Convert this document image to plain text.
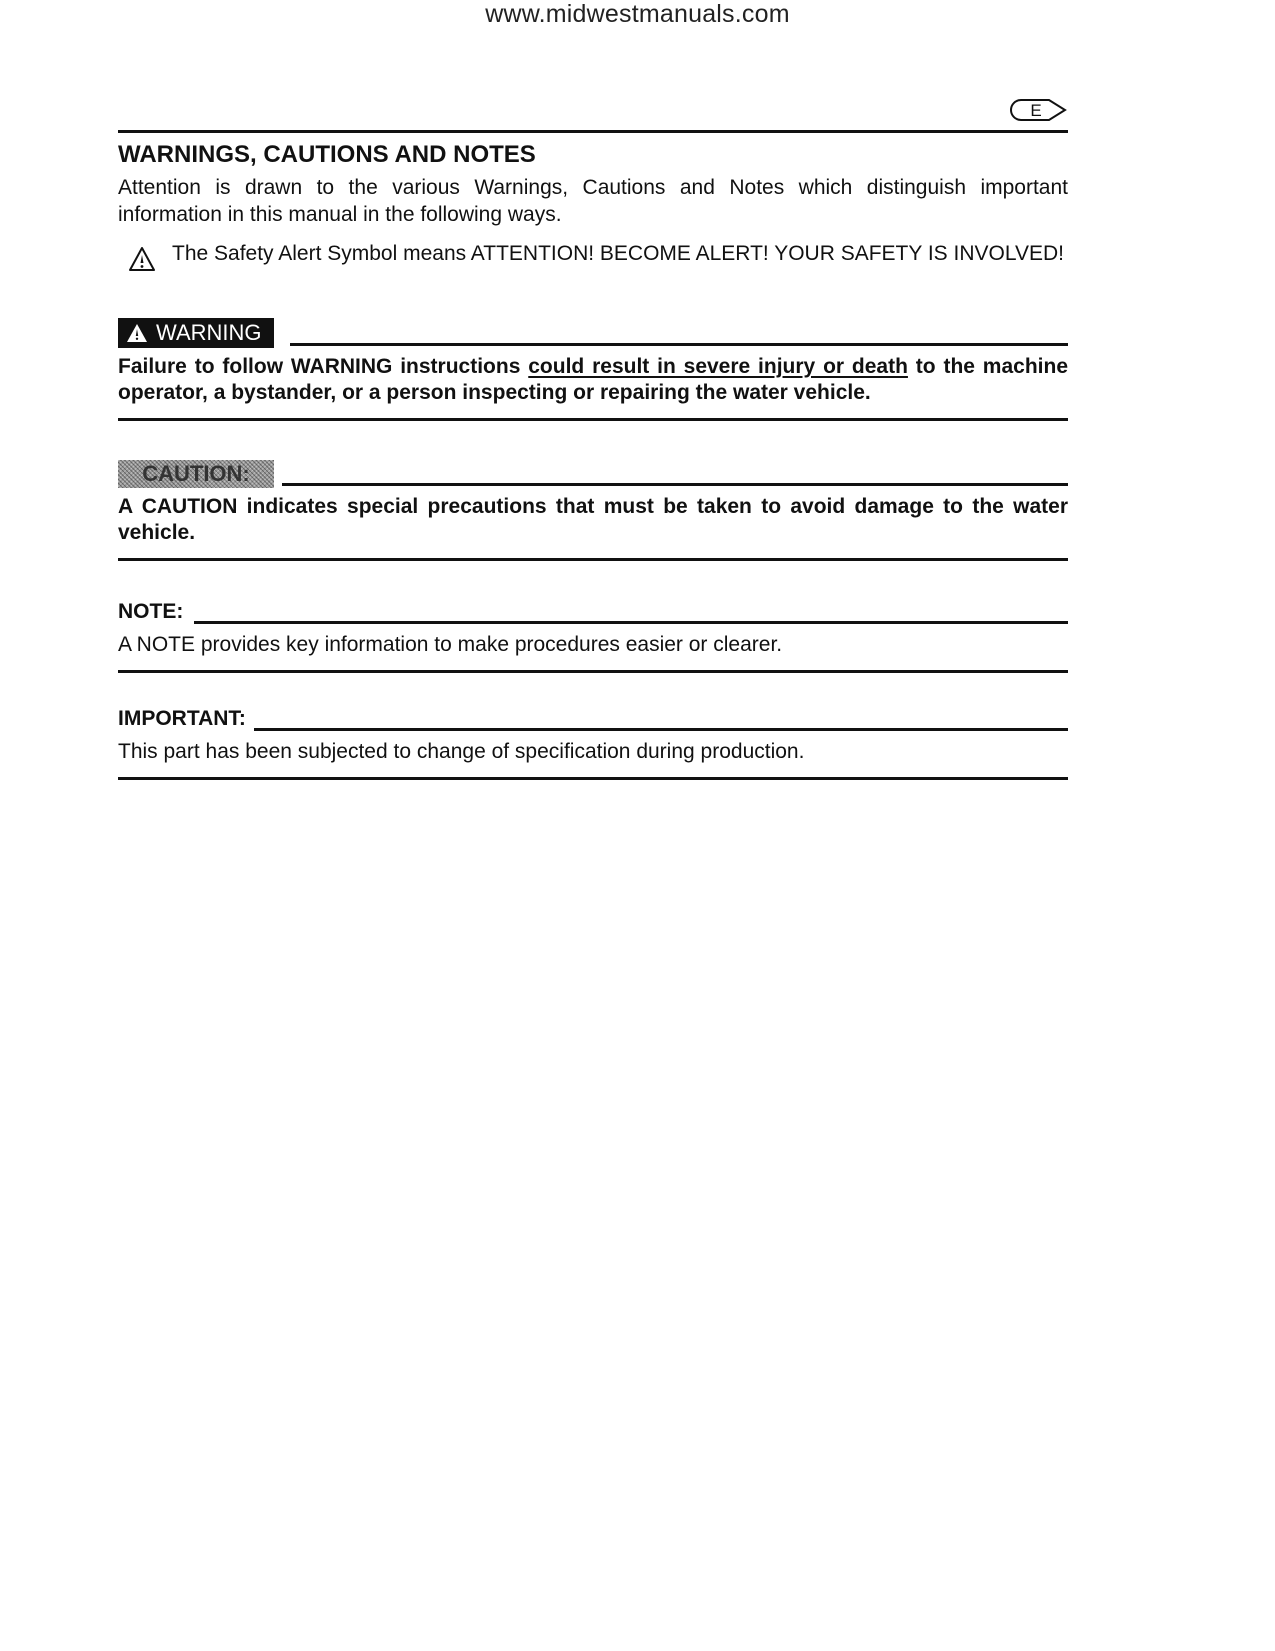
www.midwestmanuals.com
E
WARNINGS, CAUTIONS AND NOTES

Attention is drawn to the various Warnings, Cautions and Notes which distinguish important information in this manual in the following ways.

The Safety Alert Symbol means ATTENTION! BECOME ALERT! YOUR SAFETY IS INVOLVED!

WARNING

Failure to follow WARNING instructions could result in severe injury or death to the machine operator, a bystander, or a person inspecting or repairing the water vehicle.

CAUTION:

A CAUTION indicates special precautions that must be taken to avoid damage to the water vehicle.

NOTE:

A NOTE provides key information to make procedures easier or clearer.

IMPORTANT:

This part has been subjected to change of specification during production.
